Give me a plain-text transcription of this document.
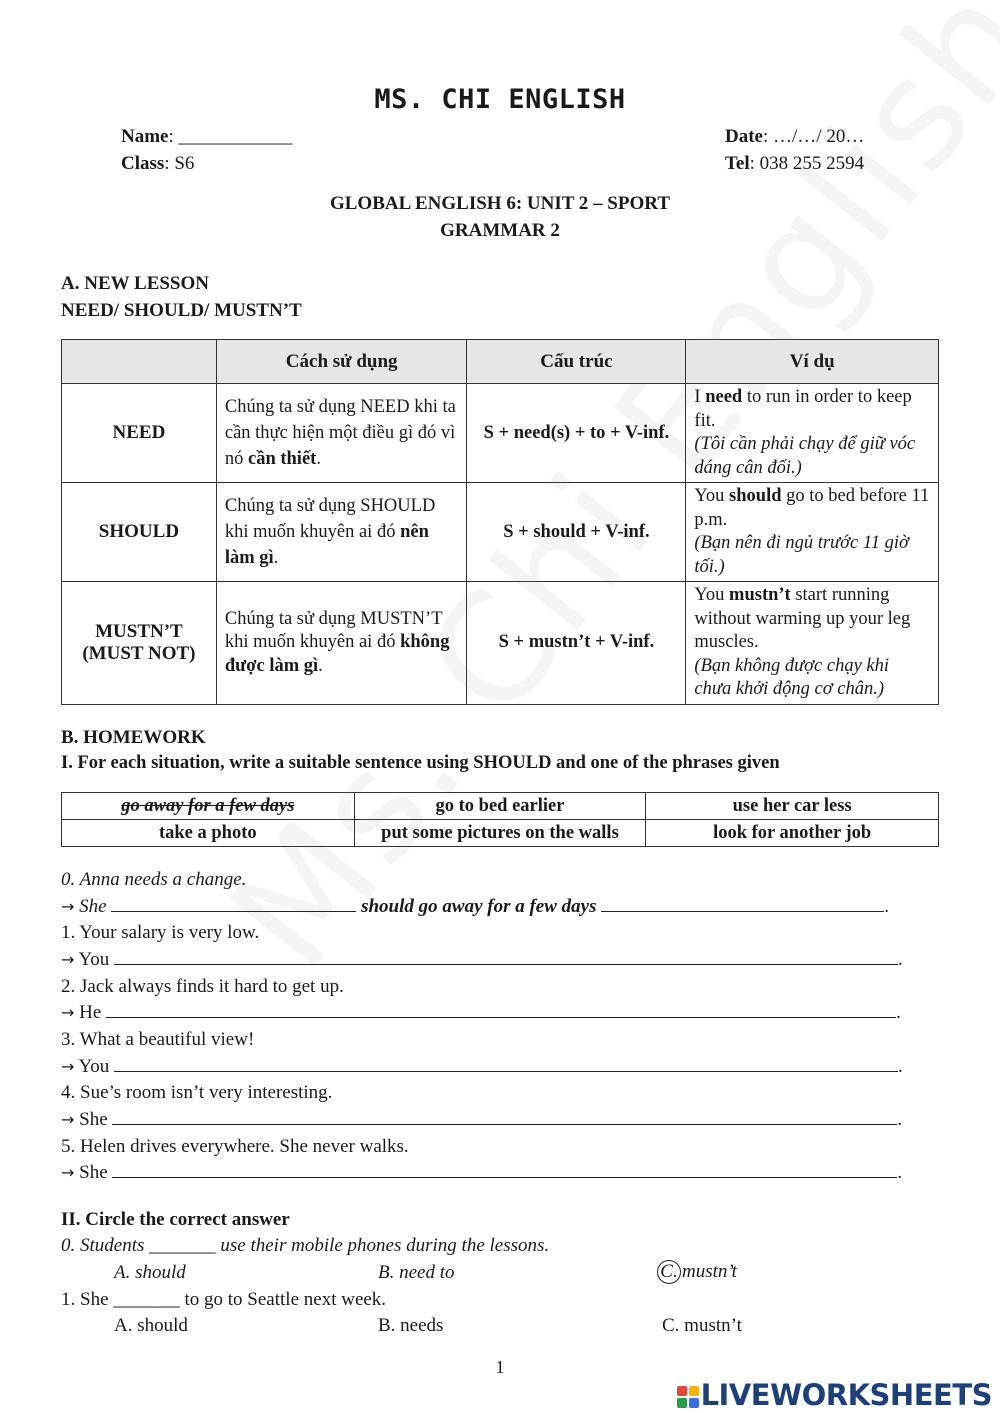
MS. CHI ENGLISH
Name: ____________
Class: S6
Date: …/…/ 20…
Tel: 038 255 2594
GLOBAL ENGLISH 6: UNIT 2 – SPORT
GRAMMAR 2
A. NEW LESSON
NEED/ SHOULD/ MUSTN’T
	Cách sử dụng	Cấu trúc	Ví dụ
NEED	Chúng ta sử dụng NEED khi ta cần thực hiện một điều gì đó vì nó cần thiết.	S + need(s) + to + V-inf.	I need to run in order to keep fit.
(Tôi cần phải chạy để giữ vóc dáng cân đối.)
SHOULD	Chúng ta sử dụng SHOULD khi muốn khuyên ai đó nên làm gì.	S + should + V-inf.	You should go to bed before 11 p.m.
(Bạn nên đi ngủ trước 11 giờ tối.)
MUSTN’T
(MUST NOT)	Chúng ta sử dụng MUSTN’T khi muốn khuyên ai đó không được làm gì.	S + mustn’t + V-inf.	You mustn’t start running without warming up your leg muscles.
(Bạn không được chạy khi chưa khởi động cơ chân.)
B. HOMEWORK
I. For each situation, write a suitable sentence using SHOULD and one of the phrases given
go away for a few days	go to bed earlier	use her car less
take a photo	put some pictures on the walls	look for another job
0. Anna needs a change.
→ She	should go away for a few days	.
1. Your salary is very low.
→ You	.
2. Jack always finds it hard to get up.
→ He	.
3. What a beautiful view!
→ You	.
4. Sue’s room isn’t very interesting.
→ She	.
5. Helen drives everywhere. She never walks.
→ She	.
II. Circle the correct answer
0. Students _______ use their mobile phones during the lessons.
A. should	B. need to	C. mustn’t
1. She _______ to go to Seattle next week.
A. should	B. needs	C. mustn’t
1
LIVEWORKSHEETS
